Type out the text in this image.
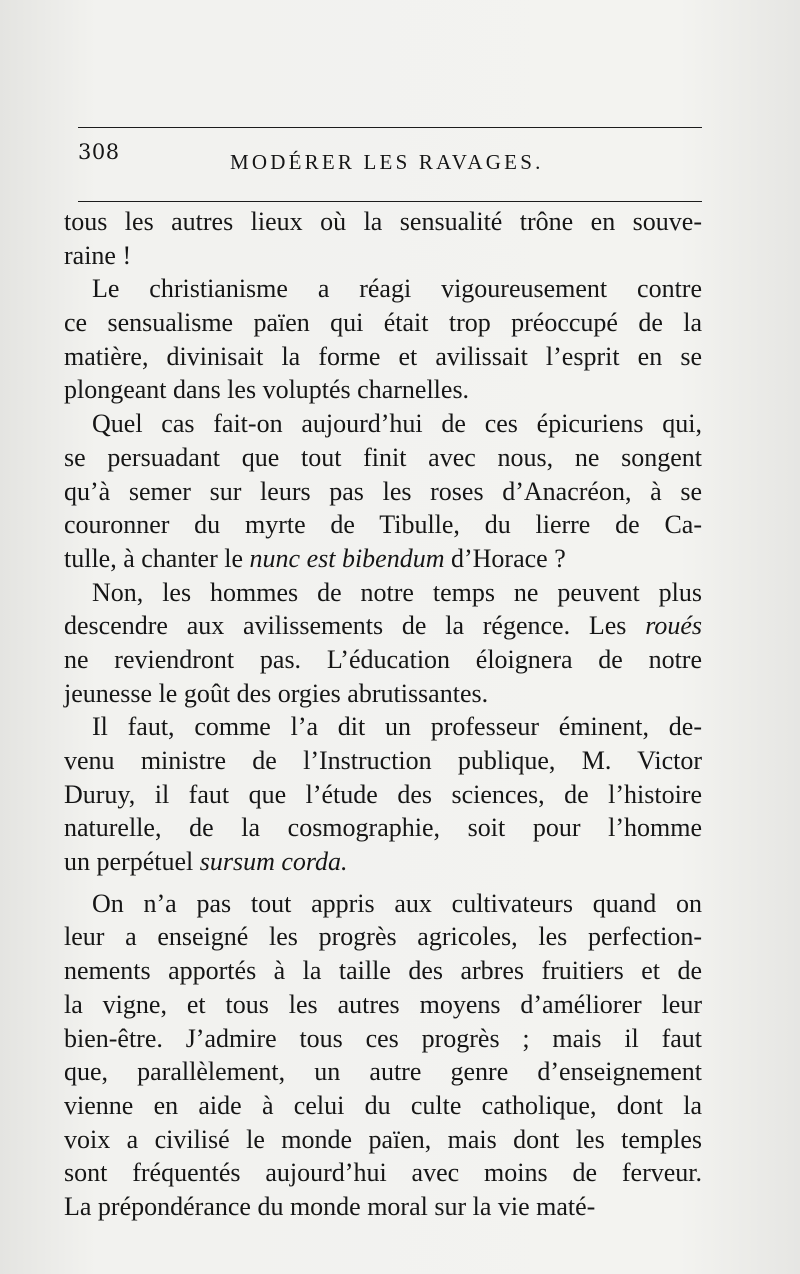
308	MODÉRER LES RAVAGES.
tous les autres lieux où la sensualité trône en souve-
raine !
Le christianisme a réagi vigoureusement contre
ce sensualisme païen qui était trop préoccupé de la
matière, divinisait la forme et avilissait l’esprit en se
plongeant dans les voluptés charnelles.
Quel cas fait-on aujourd’hui de ces épicuriens qui,
se persuadant que tout finit avec nous, ne songent
qu’à semer sur leurs pas les roses d’Anacréon, à se
couronner du myrte de Tibulle, du lierre de Ca-
tulle, à chanter le nunc est bibendum d’Horace ?
Non, les hommes de notre temps ne peuvent plus
descendre aux avilissements de la régence. Les roués
ne reviendront pas. L’éducation éloignera de notre
jeunesse le goût des orgies abrutissantes.
Il faut, comme l’a dit un professeur éminent, de-
venu ministre de l’Instruction publique, M. Victor
Duruy, il faut que l’étude des sciences, de l’histoire
naturelle, de la cosmographie, soit pour l’homme
un perpétuel sursum corda.
On n’a pas tout appris aux cultivateurs quand on
leur a enseigné les progrès agricoles, les perfection-
nements apportés à la taille des arbres fruitiers et de
la vigne, et tous les autres moyens d’améliorer leur
bien-être. J’admire tous ces progrès ; mais il faut
que, parallèlement, un autre genre d’enseignement
vienne en aide à celui du culte catholique, dont la
voix a civilisé le monde païen, mais dont les temples
sont fréquentés aujourd’hui avec moins de ferveur.
La prépondérance du monde moral sur la vie maté-
